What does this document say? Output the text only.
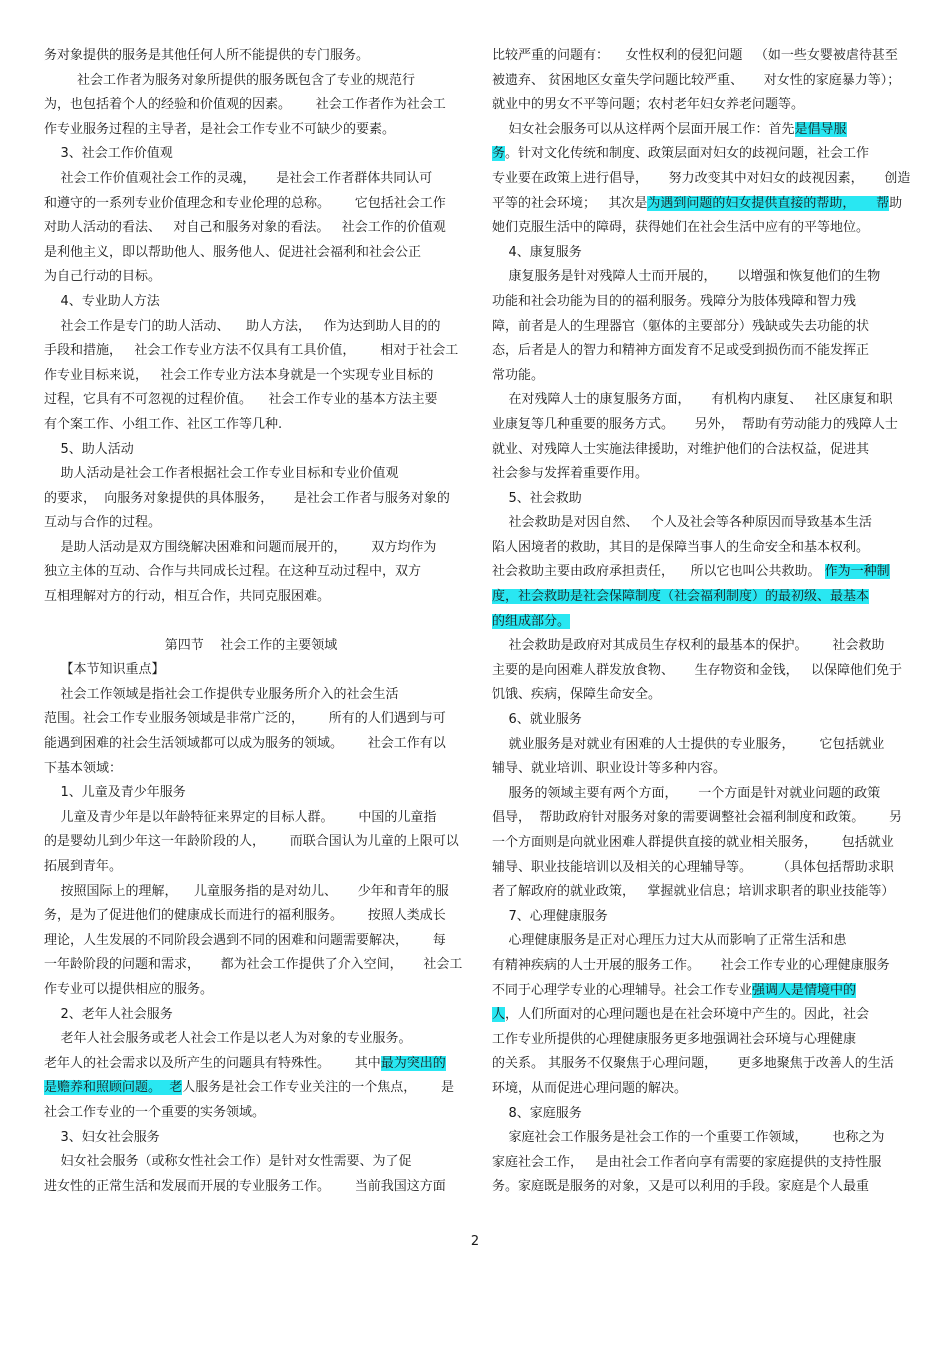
务对象提供的服务是其他任何人所不能提供的专门服务。

社会工作者为服务对象所提供的服务既包含了专业的规范行

为，也包括着个人的经验和价值观的因素。      社会工作者作为社会工

作专业服务过程的主导者，是社会工作专业不可缺少的要素。

3、社会工作价值观

社会工作价值观社会工作的灵魂，     是社会工作者群体共同认可

和遵守的一系列专业价值理念和专业伦理的总称。      它包括社会工作

对助人活动的看法、   对自己和服务对象的看法。   社会工作的价值观

是利他主义，即以帮助他人、服务他人、促进社会福利和社会公正

为自己行动的目标。

4、专业助人方法

社会工作是专门的助人活动、    助人方法，   作为达到助人目的的

手段和措施，   社会工作专业方法不仅具有工具价值，      相对于社会工

作专业目标来说，   社会工作专业方法本身就是一个实现专业目标的

过程，它具有不可忽视的过程价值。    社会工作专业的基本方法主要

有个案工作、小组工作、社区工作等几种.

5、助人活动

助人活动是社会工作者根据社会工作专业目标和专业价值观

的要求，  向服务对象提供的具体服务，     是社会工作者与服务对象的

互动与合作的过程。

是助人活动是双方围绕解决困难和问题而展开的，      双方均作为

独立主体的互动、合作与共同成长过程。在这种互动过程中，双方

互相理解对方的行动，相互合作，共同克服困难。

第四节    社会工作的主要领域

【本节知识重点】

社会工作领域是指社会工作提供专业服务所介入的社会生活

范围。社会工作专业服务领域是非常广泛的，      所有的人们遇到与可

能遇到困难的社会生活领域都可以成为服务的领域。      社会工作有以

下基本领域：

1、儿童及青少年服务

儿童及青少年是以年龄特征来界定的目标人群。      中国的儿童指

的是婴幼儿到少年这一年龄阶段的人，      而联合国认为儿童的上限可以

拓展到青年。

按照国际上的理解，    儿童服务指的是对幼儿、     少年和青年的服

务，是为了促进他们的健康成长而进行的福利服务。      按照人类成长

理论，人生发展的不同阶段会遇到不同的困难和问题需要解决，      每

一年龄阶段的问题和需求，     都为社会工作提供了介入空间，     社会工

作专业可以提供相应的服务。

2、老年人社会服务

老年人社会服务或老人社会工作是以老人为对象的专业服务。

老年人的社会需求以及所产生的问题具有特殊性。      其中最为突出的

是赡养和照顾问题。  老人服务是社会工作专业关注的一个焦点，      是

社会工作专业的一个重要的实务领域。

3、妇女社会服务

妇女社会服务（或称女性社会工作）是针对女性需要、为了促

进女性的正常生活和发展而开展的专业服务工作。      当前我国这方面

比较严重的问题有：    女性权利的侵犯问题   （如一些女婴被虐待甚至

被遗弃、 贫困地区女童失学问题比较严重、     对女性的家庭暴力等）；

就业中的男女不平等问题；农村老年妇女养老问题等。

妇女社会服务可以从这样两个层面开展工作：首先是倡导服

务。针对文化传统和制度、政策层面对妇女的歧视问题，社会工作

专业要在政策上进行倡导，     努力改变其中对妇女的歧视因素，     创造

平等的社会环境；   其次是为遇到问题的妇女提供直接的帮助，     帮助

她们克服生活中的障碍，获得她们在社会生活中应有的平等地位。

4、康复服务

康复服务是针对残障人士而开展的，     以增强和恢复他们的生物

功能和社会功能为目的的福利服务。残障分为肢体残障和智力残

障，前者是人的生理器官（躯体的主要部分）残缺或失去功能的状

态，后者是人的智力和精神方面发育不足或受到损伤而不能发挥正

常功能。

在对残障人士的康复服务方面，     有机构内康复、   社区康复和职

业康复等几种重要的服务方式。     另外，  帮助有劳动能力的残障人士

就业、对残障人士实施法律援助，对维护他们的合法权益，促进其

社会参与发挥着重要作用。

5、社会救助

社会救助是对因自然、   个人及社会等各种原因而导致基本生活

陷人困境者的救助，其目的是保障当事人的生命安全和基本权利。

社会救助主要由政府承担责任，    所以它也叫公共救助。 作为一种制

度，社会救助是社会保障制度（社会福利制度）的最初级、最基本

的组成部分。

社会救助是政府对其成员生存权利的最基本的保护。      社会救助

主要的是向困难人群发放食物、     生存物资和金钱，   以保障他们免于

饥饿、疾病，保障生命安全。

6、就业服务

就业服务是对就业有困难的人士提供的专业服务，      它包括就业

辅导、就业培训、职业设计等多种内容。

服务的领域主要有两个方面，     一个方面是针对就业问题的政策

倡导，  帮助政府针对服务对象的需要调整社会福利制度和政策。      另

一个方面则是向就业困难人群提供直接的就业相关服务，      包括就业

辅导、职业技能培训以及相关的心理辅导等。      （具体包括帮助求职

者了解政府的就业政策，   掌握就业信息；培训求职者的职业技能等）

7、心理健康服务

心理健康服务是正对心理压力过大从而影响了正常生活和患

有精神疾病的人士开展的服务工作。     社会工作专业的心理健康服务

不同于心理学专业的心理辅导。社会工作专业强调人是情境中的

人，人们所面对的心理问题也是在社会环境中产生的。因此，社会

工作专业所提供的心理健康服务更多地强调社会环境与心理健康

的关系。 其服务不仅聚焦于心理问题，     更多地聚焦于改善人的生活

环境，从而促进心理问题的解决。

8、家庭服务

家庭社会工作服务是社会工作的一个重要工作领域，      也称之为

家庭社会工作，   是由社会工作者向享有需要的家庭提供的支持性服

务。家庭既是服务的对象，又是可以利用的手段。家庭是个人最重

2
